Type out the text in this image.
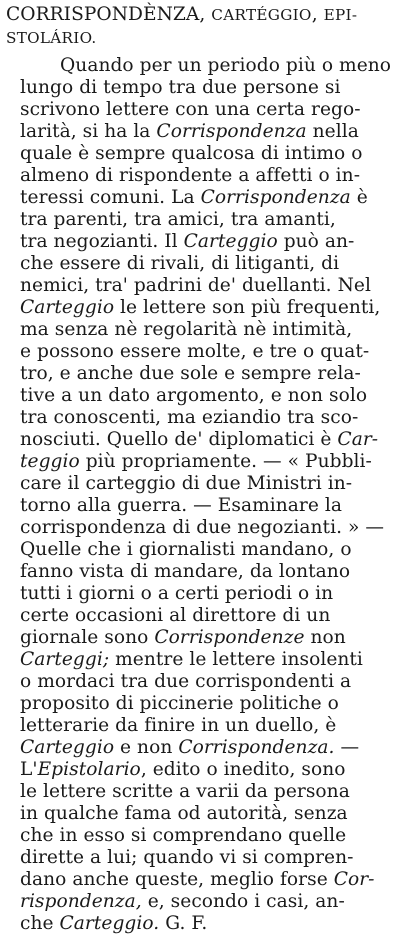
CORRISPONDÈNZA, CARTÉGGIO, EPI-
STOLÁRIO.
Quando per un periodo più o meno
lungo di tempo tra due persone si
scrivono lettere con una certa rego-
larità, si ha la Corrispondenza nella
quale è sempre qualcosa di intimo o
almeno di rispondente a affetti o in-
teressi comuni. La Corrispondenza è
tra parenti, tra amici, tra amanti,
tra negozianti. Il Carteggio può an-
che essere di rivali, di litiganti, di
nemici, tra' padrini de' duellanti. Nel
Carteggio le lettere son più frequenti,
ma senza nè regolarità nè intimità,
e possono essere molte, e tre o quat-
tro, e anche due sole e sempre rela-
tive a un dato argomento, e non solo
tra conoscenti, ma eziandio tra sco-
nosciuti. Quello de' diplomatici è Car-
teggio più propriamente. — « Pubbli-
care il carteggio di due Ministri in-
torno alla guerra. — Esaminare la
corrispondenza di due negozianti. » —
Quelle che i giornalisti mandano, o
fanno vista di mandare, da lontano
tutti i giorni o a certi periodi o in
certe occasioni al direttore di un
giornale sono Corrispondenze non
Carteggi; mentre le lettere insolenti
o mordaci tra due corrispondenti a
proposito di piccinerie politiche o
letterarie da finire in un duello, è
Carteggio e non Corrispondenza. —
L'Epistolario, edito o inedito, sono
le lettere scritte a varii da persona
in qualche fama od autorità, senza
che in esso si comprendano quelle
dirette a lui; quando vi si compren-
dano anche queste, meglio forse Cor-
rispondenza, e, secondo i casi, an-
che Carteggio. G. F.
